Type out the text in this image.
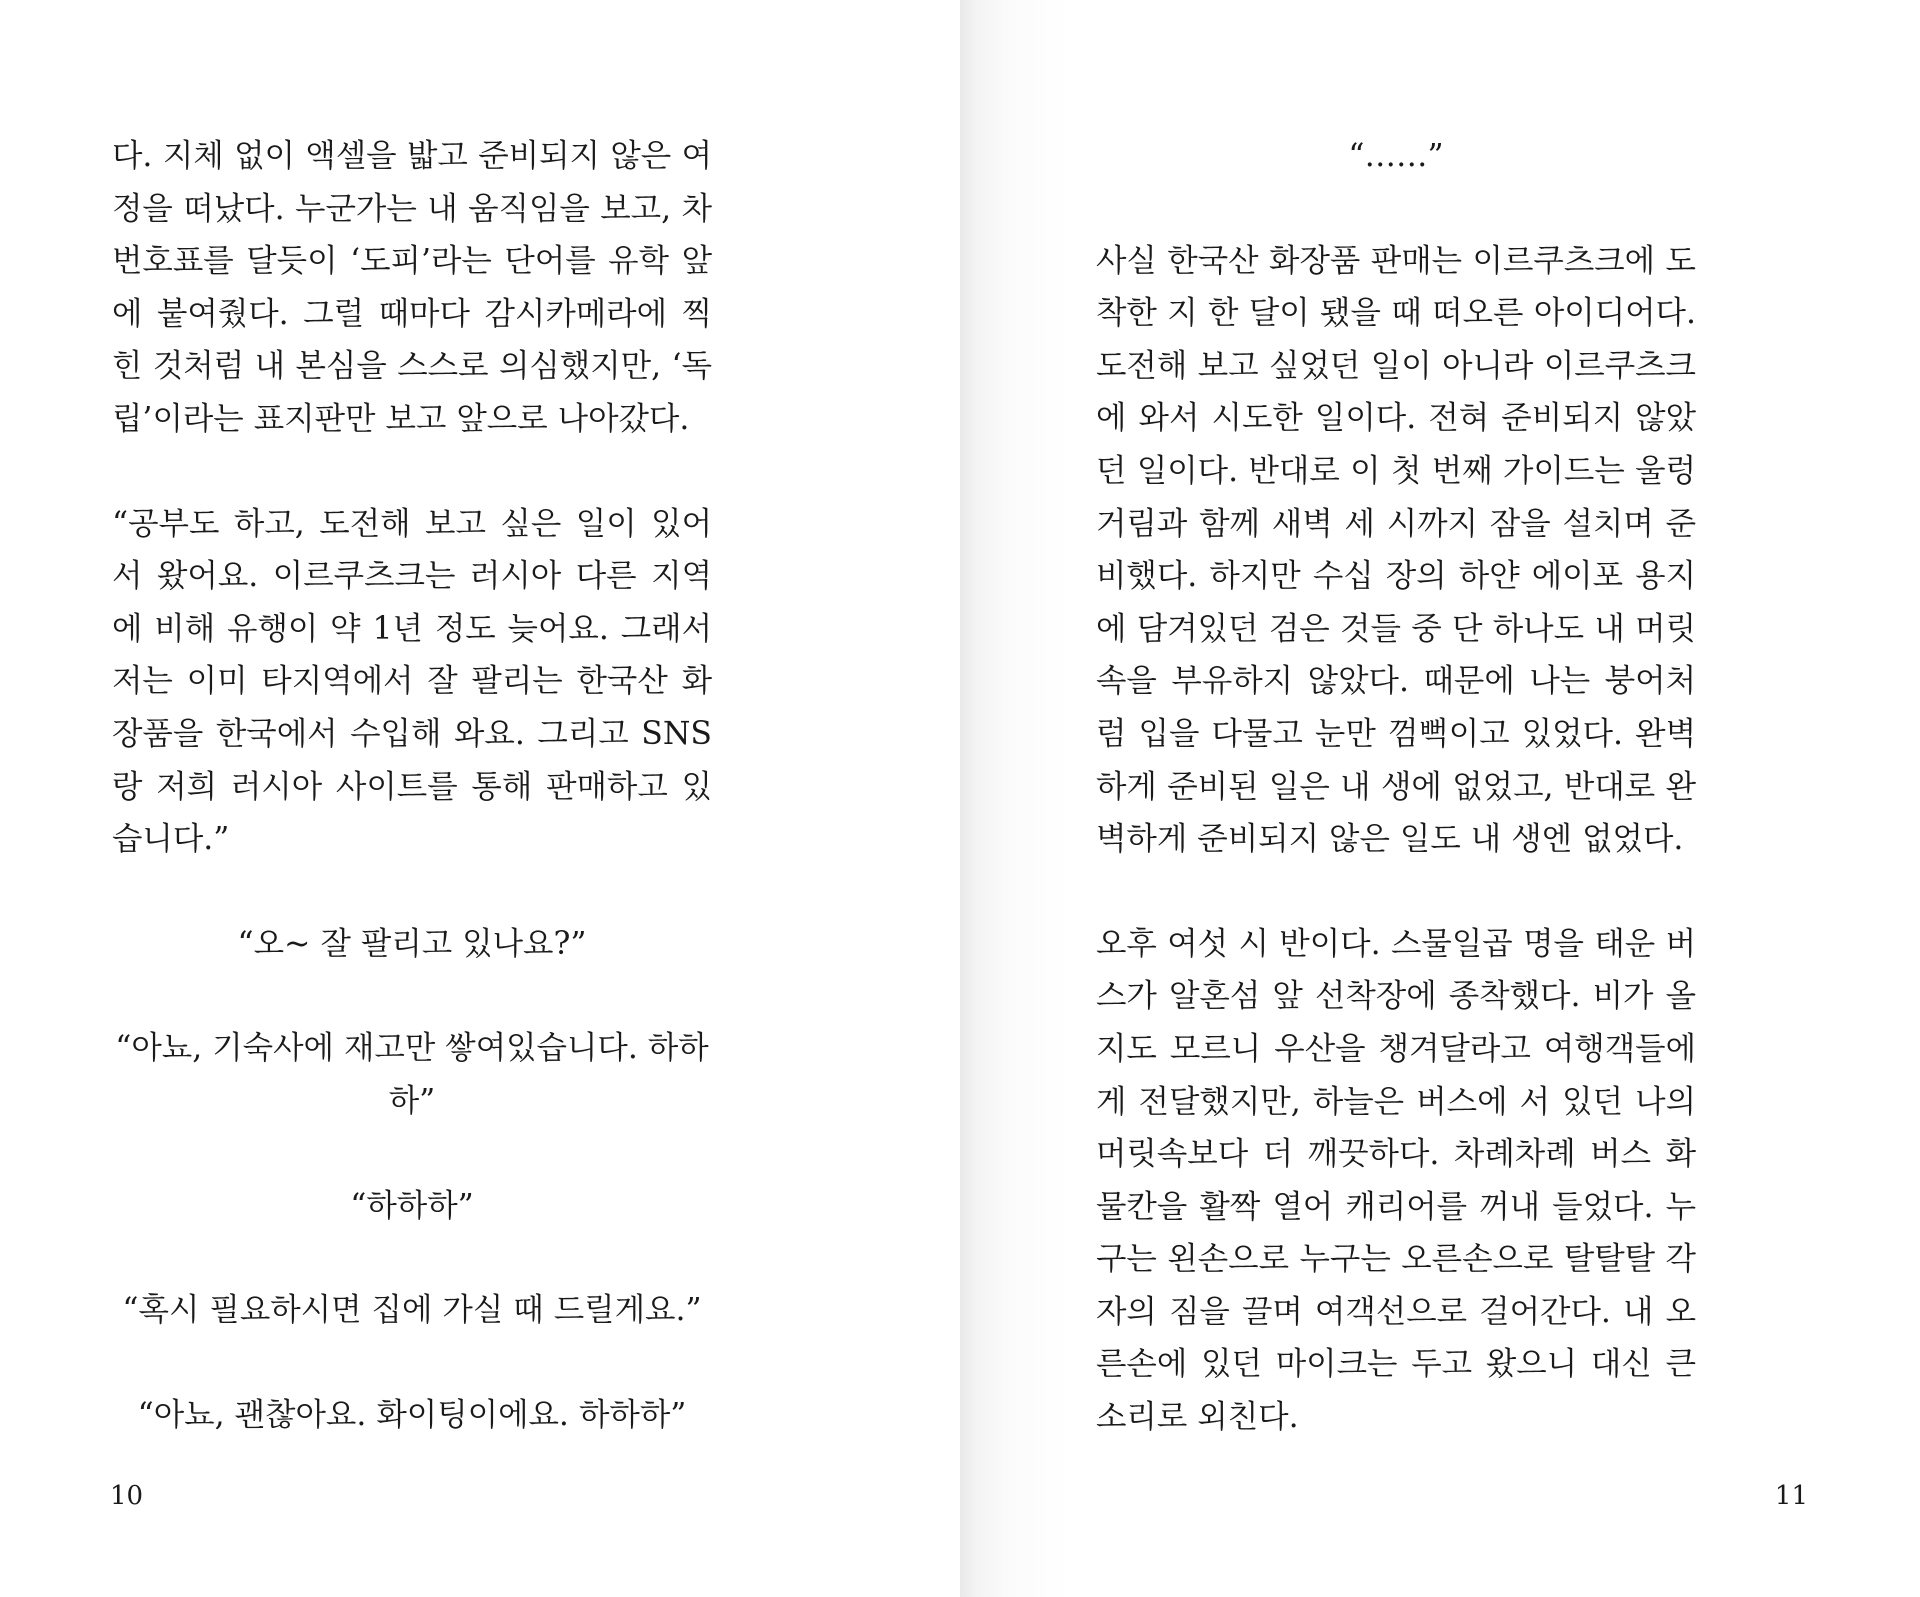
다. 지체 없이 액셀을 밟고 준비되지 않은 여정을 떠났다. 누군가는 내 움직임을 보고, 차 번호표를 달듯이 ‘도피’라는 단어를 유학 앞에 붙여줬다. 그럴 때마다 감시카메라에 찍힌 것처럼 내 본심을 스스로 의심했지만, ‘독립’이라는 표지판만 보고 앞으로 나아갔다.

“공부도 하고, 도전해 보고 싶은 일이 있어서 왔어요. 이르쿠츠크는 러시아 다른 지역에 비해 유행이 약 1년 정도 늦어요. 그래서 저는 이미 타지역에서 잘 팔리는 한국산 화장품을 한국에서 수입해 와요. 그리고 SNS랑 저희 러시아 사이트를 통해 판매하고 있습니다.”

“오~ 잘 팔리고 있나요?”

“아뇨, 기숙사에 재고만 쌓여있습니다. 하하하”

“하하하”

“혹시 필요하시면 집에 가실 때 드릴게요.”

“아뇨, 괜찮아요. 화이팅이에요. 하하하”

10

“……”

사실 한국산 화장품 판매는 이르쿠츠크에 도착한 지 한 달이 됐을 때 떠오른 아이디어다. 도전해 보고 싶었던 일이 아니라 이르쿠츠크에 와서 시도한 일이다. 전혀 준비되지 않았던 일이다. 반대로 이 첫 번째 가이드는 울렁거림과 함께 새벽 세 시까지 잠을 설치며 준비했다. 하지만 수십 장의 하얀 에이포 용지에 담겨있던 검은 것들 중 단 하나도 내 머릿속을 부유하지 않았다. 때문에 나는 붕어처럼 입을 다물고 눈만 껌뻑이고 있었다. 완벽하게 준비된 일은 내 생에 없었고, 반대로 완벽하게 준비되지 않은 일도 내 생엔 없었다.

오후 여섯 시 반이다. 스물일곱 명을 태운 버스가 알혼섬 앞 선착장에 종착했다. 비가 올지도 모르니 우산을 챙겨달라고 여행객들에게 전달했지만, 하늘은 버스에 서 있던 나의 머릿속보다 더 깨끗하다. 차례차례 버스 화물칸을 활짝 열어 캐리어를 꺼내 들었다. 누구는 왼손으로 누구는 오른손으로 탈탈탈 각자의 짐을 끌며 여객선으로 걸어간다. 내 오른손에 있던 마이크는 두고 왔으니 대신 큰 소리로 외친다.

11
